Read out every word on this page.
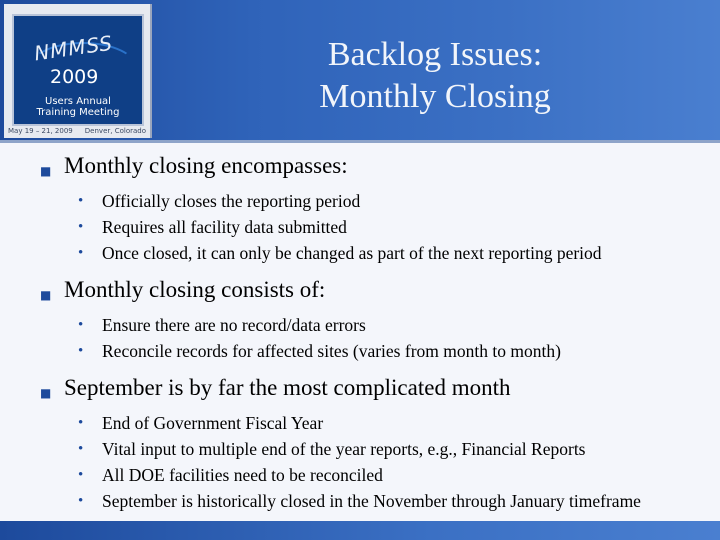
NMMSS
2009
Users Annual Training Meeting
May 19 – 21, 2009 Denver, Colorado
Backlog Issues:
Monthly Closing
■ Monthly closing encompasses:
• Officially closes the reporting period
• Requires all facility data submitted
• Once closed, it can only be changed as part of the next reporting period
■ Monthly closing consists of:
• Ensure there are no record/data errors
• Reconcile records for affected sites (varies from month to month)
■ September is by far the most complicated month
• End of Government Fiscal Year
• Vital input to multiple end of the year reports, e.g., Financial Reports
• All DOE facilities need to be reconciled
• September is historically closed in the November through January timeframe
